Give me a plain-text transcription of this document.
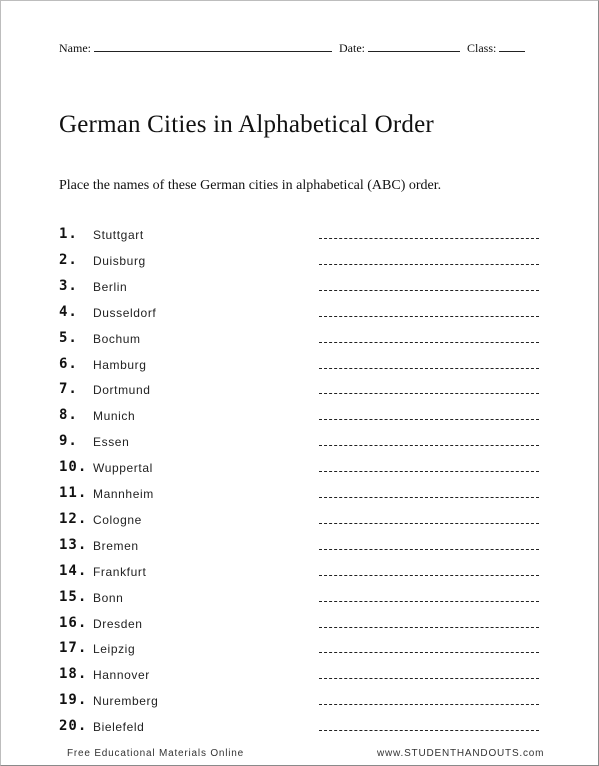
Name:	Date:	Class:
German Cities in Alphabetical Order
Place the names of these German cities in alphabetical (ABC) order.
1. Stuttgart
2. Duisburg
3. Berlin
4. Dusseldorf
5. Bochum
6. Hamburg
7. Dortmund
8. Munich
9. Essen
10. Wuppertal
11. Mannheim
12. Cologne
13. Bremen
14. Frankfurt
15. Bonn
16. Dresden
17. Leipzig
18. Hannover
19. Nuremberg
20. Bielefeld
Free Educational Materials Online	www.STUDENTHANDOUTS.com
